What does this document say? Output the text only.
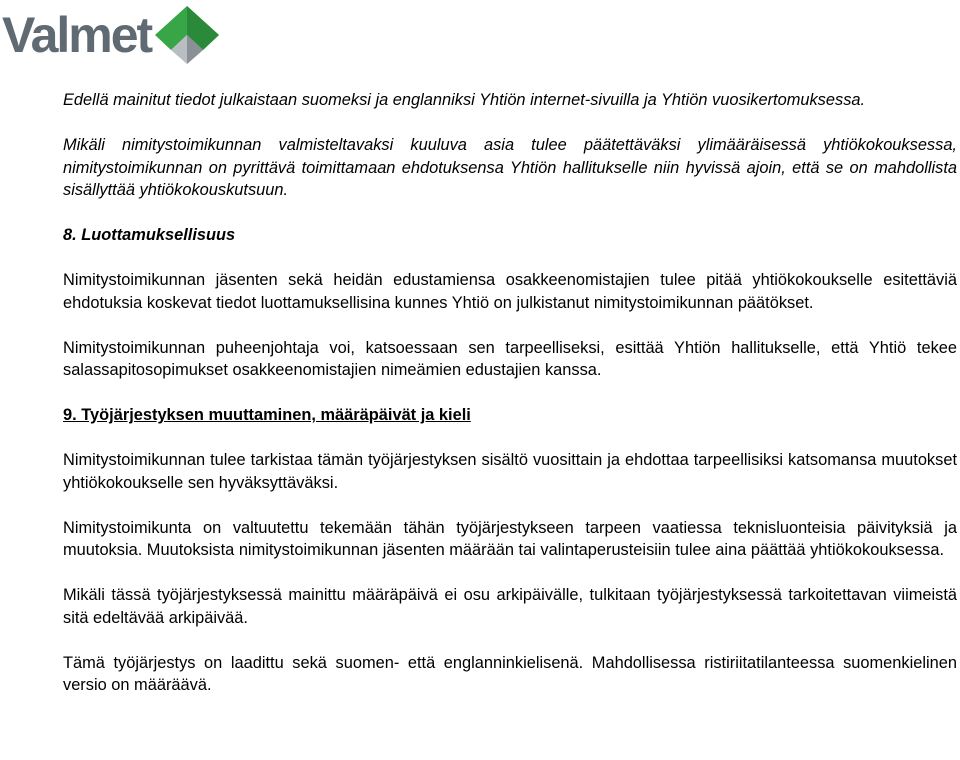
Valmet

Edellä mainitut tiedot julkaistaan suomeksi ja englanniksi Yhtiön internet-sivuilla ja Yhtiön vuosikertomuksessa.

Mikäli nimitystoimikunnan valmisteltavaksi kuuluva asia tulee päätettäväksi ylimääräisessä yhtiökokouksessa, nimitystoimikunnan on pyrittävä toimittamaan ehdotuksensa Yhtiön hallitukselle niin hyvissä ajoin, että se on mahdollista sisällyttää yhtiökokouskutsuun.

8. Luottamuksellisuus

Nimitystoimikunnan jäsenten sekä heidän edustamiensa osakkeenomistajien tulee pitää yhtiökokoukselle esitettäviä ehdotuksia koskevat tiedot luottamuksellisina kunnes Yhtiö on julkistanut nimitystoimikunnan päätökset.

Nimitystoimikunnan puheenjohtaja voi, katsoessaan sen tarpeelliseksi, esittää Yhtiön hallitukselle, että Yhtiö tekee salassapitosopimukset osakkeenomistajien nimeämien edustajien kanssa.

9. Työjärjestyksen muuttaminen, määräpäivät ja kieli

Nimitystoimikunnan tulee tarkistaa tämän työjärjestyksen sisältö vuosittain ja ehdottaa tarpeellisiksi katsomansa muutokset yhtiökokoukselle sen hyväksyttäväksi.

Nimitystoimikunta on valtuutettu tekemään tähän työjärjestykseen tarpeen vaatiessa teknisluonteisia päivityksiä ja muutoksia. Muutoksista nimitystoimikunnan jäsenten määrään tai valintaperusteisiin tulee aina päättää yhtiökokouksessa.

Mikäli tässä työjärjestyksessä mainittu määräpäivä ei osu arkipäivälle, tulkitaan työjärjestyksessä tarkoitettavan viimeistä sitä edeltävää arkipäivää.

Tämä työjärjestys on laadittu sekä suomen- että englanninkielisenä. Mahdollisessa ristiriitatilanteessa suomenkielinen versio on määräävä.
